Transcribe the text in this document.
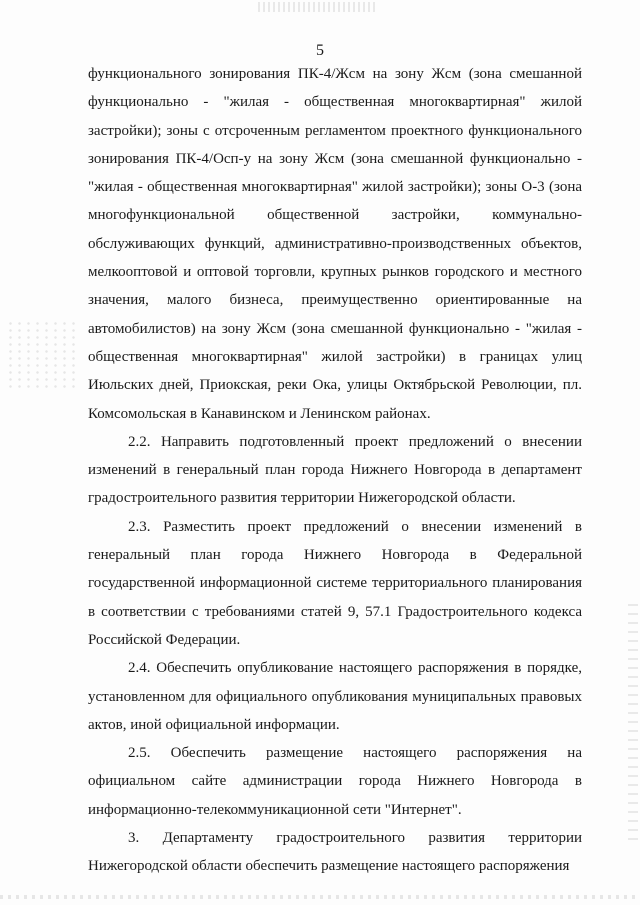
5

функционального зонирования ПК-4/Жсм на зону Жсм (зона смешанной функционально - "жилая - общественная многоквартирная" жилой застройки); зоны с отсроченным регламентом проектного функционального зонирования ПК-4/Осп-у на зону Жсм (зона смешанной функционально - "жилая - общественная многоквартирная" жилой застройки); зоны О-3 (зона многофункциональной общественной застройки, коммунально-обслуживающих функций, административно-производственных объектов, мелкооптовой и оптовой торговли, крупных рынков городского и местного значения, малого бизнеса, преимущественно ориентированные на автомобилистов) на зону Жсм (зона смешанной функционально - "жилая - общественная многоквартирная" жилой застройки) в границах улиц Июльских дней, Приокская, реки Ока, улицы Октябрьской Революции, пл. Комсомольская в Канавинском и Ленинском районах.

2.2. Направить подготовленный проект предложений о внесении изменений в генеральный план города Нижнего Новгорода в департамент градостроительного развития территории Нижегородской области.

2.3. Разместить проект предложений о внесении изменений в генеральный план города Нижнего Новгорода в Федеральной государственной информационной системе территориального планирования в соответствии с требованиями статей 9, 57.1 Градостроительного кодекса Российской Федерации.

2.4. Обеспечить опубликование настоящего распоряжения в порядке, установленном для официального опубликования муниципальных правовых актов, иной официальной информации.

2.5. Обеспечить размещение настоящего распоряжения на официальном сайте администрации города Нижнего Новгорода в информационно-телекоммуникационной сети "Интернет".

3. Департаменту градостроительного развития территории Нижегородской области обеспечить размещение настоящего распоряжения
